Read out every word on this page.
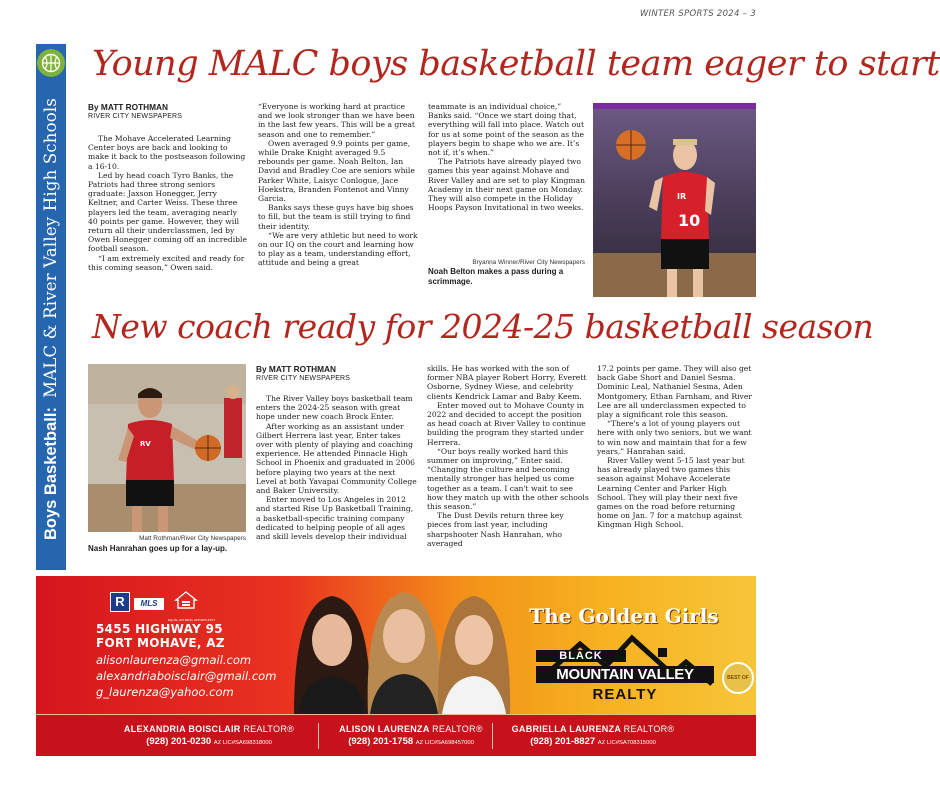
WINTER SPORTS 2024 – 3
Boys Basketball:  MALC & River Valley High Schools
Young MALC boys basketball team eager to start
By MATT ROTHMAN
RIVER CITY NEWSPAPERS

The Mohave Accelerated Learning Center boys are back and looking to make it back to the postseason following a 16-10.

Led by head coach Tyro Banks, the Patriots had three strong seniors graduate: Jaxson Honegger, Jerry Keltner, and Carter Weiss. These three players led the team, averaging nearly 40 points per game. However, they will return all their underclassmen, led by Owen Honegger coming off an incredible football season.

“I am extremely excited and ready for this coming season,” Owen said.

“Everyone is working hard at practice and we look stronger than we have been in the last few years. This will be a great season and one to remember.”

Owen averaged 9.9 points per game, while Drake Knight averaged 9.5 rebounds per game. Noah Belton, Ian David and Bradley Coe are seniors while Parker White, Laisyc Conlogue, Jace Hoekstra, Branden Fontenot and Vinny Garcia.

Banks says these guys have big shoes to fill, but the team is still trying to find their identity.

“We are very athletic but need to work on our IQ on the court and learning how to play as a team, understanding effort, attitude and being a great

teammate is an individual choice,” Banks said. “Once we start doing that, everything will fall into place. Watch out for us at some point of the season as the players begin to shape who we are. It’s not if, it’s when.”

The Patriots have already played two games this year against Mohave and River Valley and are set to play Kingman Academy in their next game on Monday. They will also compete in the Holiday Hoops Payson Invitational in two weeks.

IR
10
Bryanna Winner/River City Newspapers
Noah Belton makes a pass during a scrimmage.
New coach ready for 2024-25 basketball season
RV
Matt Rothman/River City Newspapers
Nash Hanrahan goes up for a lay-up.
By MATT ROTHMAN
RIVER CITY NEWSPAPERS

The River Valley boys basketball team enters the 2024-25 season with great hope under new coach Brock Enter.

After working as an assistant under Gilbert Herrera last year, Enter takes over with plenty of playing and coaching experience. He attended Pinnacle High School in Phoenix and graduated in 2006 before playing two years at the next Level at both Yavapai Community College and Baker University.

Enter moved to Los Angeles in 2012 and started Rise Up Basketball Training, a basketball-specific training company dedicated to helping people of all ages and skill levels develop their individual

skills. He has worked with the son of former NBA player Robert Horry, Everett Osborne, Sydney Wiese, and celebrity clients Kendrick Lamar and Baby Keem.

Enter moved out to Mohave County in 2022 and decided to accept the position as head coach at River Valley to continue building the program they started under Herrera.

“Our boys really worked hard this summer on improving,” Enter said. “Changing the culture and becoming mentally stronger has helped us come together as a team. I can't wait to see how they match up with the other schools this season.”

The Dust Devils return three key pieces from last year, including sharpshooter Nash Hanrahan, who averaged

17.2 points per game. They will also get back Gabe Short and Daniel Sesma. Dominic Leal, Nathaniel Sesma, Aden Montgomery, Ethan Farnham, and River Lee are all underclassmen expected to play a significant role this season.

“There's a lot of young players out here with only two seniors, but we want to win now and maintain that for a few years,” Hanrahan said.

River Valley went 5-15 last year but has already played two games this season against Mohave Accelerate Learning Center and Parker High School. They will play their next five games on the road before returning home on Jan. 7 for a matchup against Kingman High School.

R	MLS
EQUAL HOUSING OPPORTUNITY
5455 HIGHWAY 95
FORT MOHAVE, AZ
alisonlaurenza@gmail.com
alexandriaboisclair@gmail.com
g_laurenza@yahoo.com
The Golden Girls
BLACK
MOUNTAIN VALLEY
REALTY
BEST OF
ALEXANDRIA BOISCLAIR REALTOR®
(928) 201-0230 AZ LIC#SA698318000
ALISON LAURENZA REALTOR®
(928) 201-1758 AZ LIC#SA698457000
GABRIELLA LAURENZA REALTOR®
(928) 201-8827 AZ LIC#SA708315000
